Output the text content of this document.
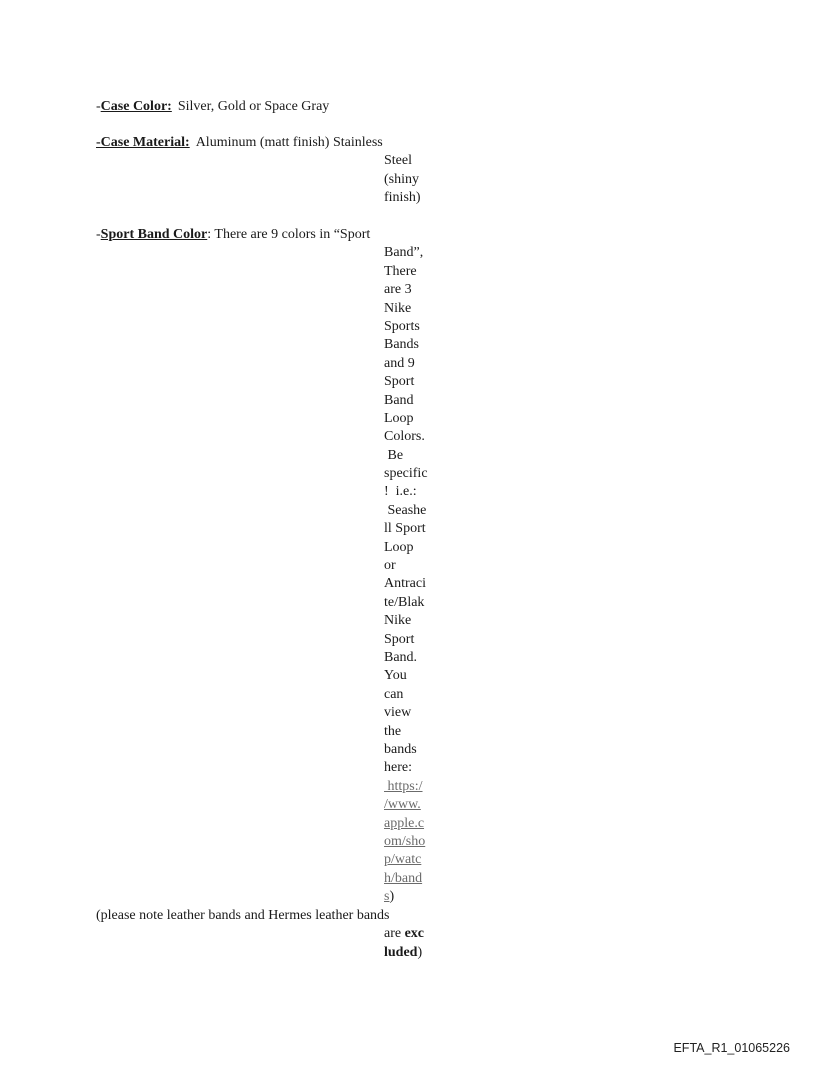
-Case Color: Silver, Gold or Space Gray
-Case Material: Aluminum (matt finish) Stainless
Steel
(shiny
finish)
-Sport Band Color: There are 9 colors in “Sport
Band”,
There
are 3
Nike
Sports
Bands
and 9
Sport
Band
Loop
Colors.
Be
specific
!  i.e.:
Seashe
ll Sport
Loop
or
Antraci
te/Blak
Nike
Sport
Band.
You
can
view
the
bands
here:
https:/
/www.
apple.c
om/sho
p/watc
h/band
s)
(please note leather bands and Hermes leather bands
are exc
luded)
EFTA_R1_01065226
